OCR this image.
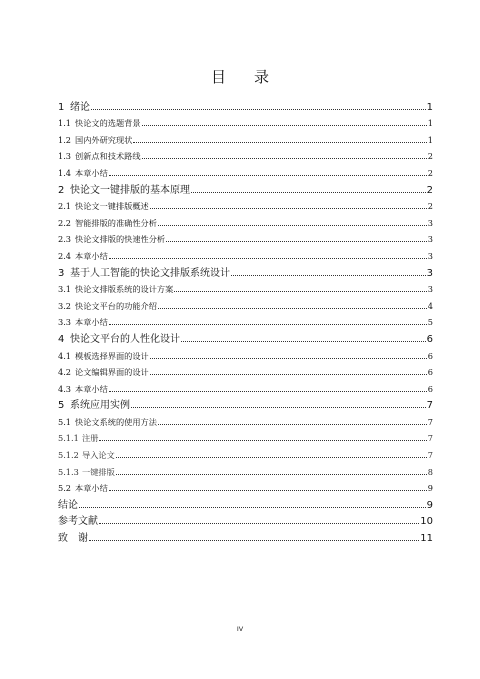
目 录
1 绪论	1
1.1 快论文的选题背景	1
1.2 国内外研究现状	1
1.3 创新点和技术路线	2
1.4 本章小结	2
2 快论文一键排版的基本原理	2
2.1 快论文一键排版概述	2
2.2 智能排版的准确性分析	3
2.3 快论文排版的快速性分析	3
2.4 本章小结	3
3 基于人工智能的快论文排版系统设计	3
3.1 快论文排版系统的设计方案	3
3.2 快论文平台的功能介绍	4
3.3 本章小结	5
4 快论文平台的人性化设计	6
4.1 模板选择界面的设计	6
4.2 论文编辑界面的设计	6
4.3 本章小结	6
5 系统应用实例	7
5.1 快论文系统的使用方法	7
5.1.1 注册	7
5.1.2 导入论文	7
5.1.3 一键排版	8
5.2 本章小结	9
结论	9
参考文献	10
致　谢	11
IV
